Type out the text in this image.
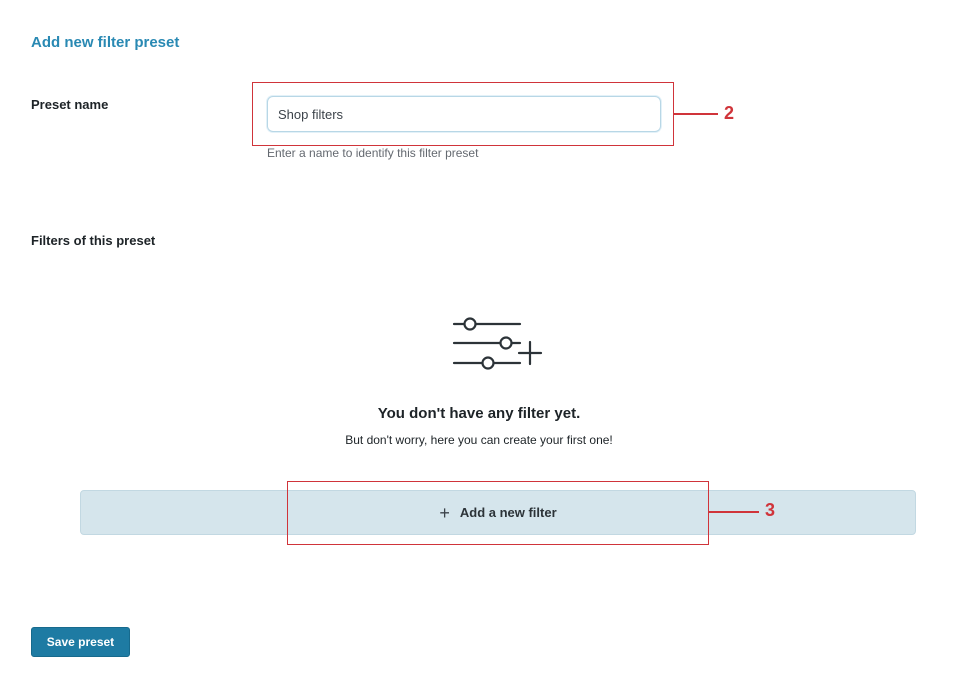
Add new filter preset
Preset name
Shop filters
Enter a name to identify this filter preset
2
Filters of this preset
You don't have any filter yet.
But don't worry, here you can create your first one!
+ Add a new filter	3
Save preset
